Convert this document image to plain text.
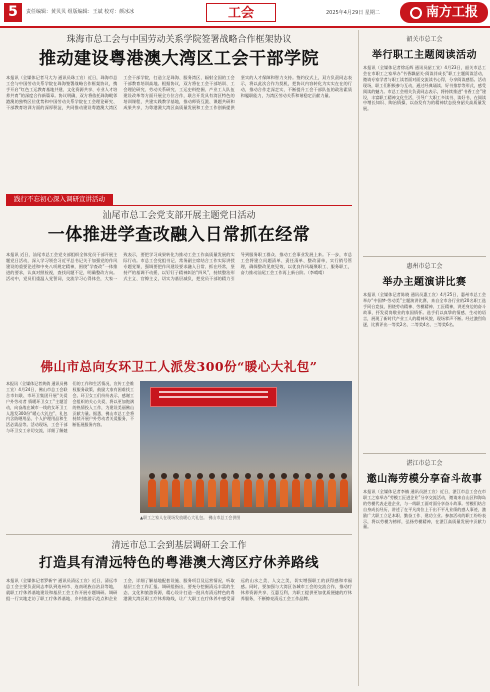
5	责任编辑：黄贝贝 组版编辑：王斌 校对：颜冰冰	工会	2025年4月29日 星期二	南方工报
珠海市总工会与中国劳动关系学院签署战略合作框架协议
推动建设粤港澳大湾区工会干部学院

本报讯（全媒体记者马大为 通讯员珠工宣）近日，珠海市总工会与中国劳动关系学院在珠海签署战略合作框架协议，携手开启“红色工运教育基地共建、文化资源共享、专业人才培养共育”的深度合作新篇章。协议明确，双方将依托珠海毗邻港澳的独特区位优势和中国劳动关系学院在工会理论研究、干部教育培训方面的深厚积淀，共同推动建设粤港澳大湾区工会干部学院，打造立足珠海、服务湾区、辐射全国的工会干部教育培训高地。根据协议，双方将在工会干部培训、工会理论研究、劳动关系研究、工运史料挖掘、产业工人队伍建设改革等方面开展全方位合作，联合开发具有湾区特色的培训课程，共建实践教学基地，推动师资互派、课题共研和成果共享，为粤港澳大湾区高质量发展和工会工作创新提供坚实的人才保障和智力支持。签约仪式上，双方负责同志表示，将以此次合作为契机，把协议内容转化为实实在在的行动，推动合作走深走实，不断提升工会干部队伍的政治素质和履职能力，为湾区劳动关系和谐稳定贡献力量。

践行不忘初心深入调研宣讲活动
汕尾市总工会党支部开展主题党日活动
一体推进学查改融入日常抓在经常

本报讯 近日，汕尾市总工会党支部组织全体党员干部开展主题党日活动，深入学习领会习近平总书记关于加强党的作风建设的重要论述和中央八项规定精神，围绕“学查改”一体推进的要求，认真对照检视，查找问题不足，明确整改方向。活动中，党员们重温入党誓词，交流学习心得体会，大家一致表示，要把学习成果转化为推动工会工作高质量发展的实际行动。市总工会党组书记、常务副主席结合工作实际讲授专题党课，强调要把作风建设要求融入日常、抓在经常，坚持严的基调不动摇，以钉钉子精神纠治“四风”，持续整治形式主义、官僚主义，切实为基层减负，把党员干部的精力引导到服务职工群众、推动工会事业发展上来。下一步，市总工会将建立问题清单、责任清单、整改清单，实行销号管理，确保整改见底见效，以优良作风凝聚职工、服务职工，奋力推动汕尾工会工作再上新台阶。（李晴晴）

佛山市总向女环卫工人派发300份“暖心大礼包”

本报讯（全媒体记者黄倩 通讯员佛工宣）4月24日，佛山市总工会联合市妇联、市环卫集团开展“关爱户外劳动者 情暖环卫女工”主题活动，向奋战在城市一线的女环卫工人派发300份“暖心大礼包”，礼包内含防晒用品、个人护理用品和生活必需品等。活动现场，工会干部与环卫女工亲切交流，详细了解她们的工作和生活情况，宣传工会维权服务政策，鼓励大家有困难找工会。环卫女工们纷纷表示，感谢工会组织的关心关爱，将以更加饱满的热情投入工作，为建设美丽佛山贡献力量。据悉，佛山市总工会将持续开展户外劳动者关爱服务，不断拓展服务内容。

▲职工之家人在现场发放暖心大礼包。 佛山市总工会供图
清远市总工会到基层调研工会工作
打造具有清远特色的粤港澳大湾区疗休养路线

本报讯（全媒体记者罗新宇 通讯员清远工宣）近日，清远市总工会主要负责同志率队到连州市、连南瑶族自治县等地，就职工疗休养基地建设和基层工会工作开展专题调研。调研组一行实地走访了职工疗休养基地、乡村旅游示范点和企业工会，详细了解基地配套设施、服务项目及运营情况，听取基层工会工作汇报。调研组指出，要充分挖掘清远丰富的生态、文化和旅游资源，精心设计打造一批具有清远特色的粤港澳大湾区职工疗休养路线，让广大职工在疗休养中感受清远的山水之美、人文之美，切实增强职工的获得感和幸福感。同时，要加强与大湾区各城市工会的交流合作，推动疗休养资源共享、互惠互利，为职工提供更加优质便捷的疗休养服务，不断擦亮清远工会工作品牌。

韶关市总工会
举行职工主题阅读活动

本报讯（全媒体记者徐珏辉 通讯员韶工宣）4月23日，韶关市总工会在市职工之家举办“书香飘韶关·阅读伴成长”职工主题阅读活动，邀请专家学者与职工读者面对面交流读书心得，分享阅读感悟。活动现场，职工们积极参与互动，通过经典诵读、好书推荐等形式，感受阅读的魅力。市总工会相关负责同志表示，将持续推进“书香工会”建设，丰富职工精神文化生活，引导广大职工多读书、读好书，在阅读中增长知识、陶冶情操，以奋发有为的精神状态投身韶关高质量发展。

惠州市总工会
举办主题演讲比赛

本报讯（全媒体记者陈晓 通讯员惠工宣）4月25日，惠州市总工会举办“中国梦·劳动美”主题演讲比赛，来自全市各行业的20名职工选手同台竞技，围绕劳动精神、劳模精神、工匠精神，讲述身边的奋斗故事，抒发爱岗敬业的家国情怀。选手们以真挚的情感、生动的语言，展现了新时代产业工人的精神风貌，现场掌声不断。经过激烈角逐，比赛评出一等奖2名、二等奖4名、三等奖6名。

湛江市总工会
邀山海劳模分享奋斗故事

本报讯（全媒体记者李楠 通讯员湛工宣）近日，湛江市总工会在市职工之家举办“劳模工匠进企业”分享交流活动，邀请来自山区和海岛的劳模代表走进企业，与一线职工面对面分享奋斗故事。劳模们结合自身成长经历，讲述了在平凡岗位上干出不平凡业绩的感人事迹，激励广大职工立足本职、勤奋工作、建功立业。参加活动的职工纷纷表示，将以劳模为榜样，弘扬劳模精神，在湛江高质量发展中贡献力量。
